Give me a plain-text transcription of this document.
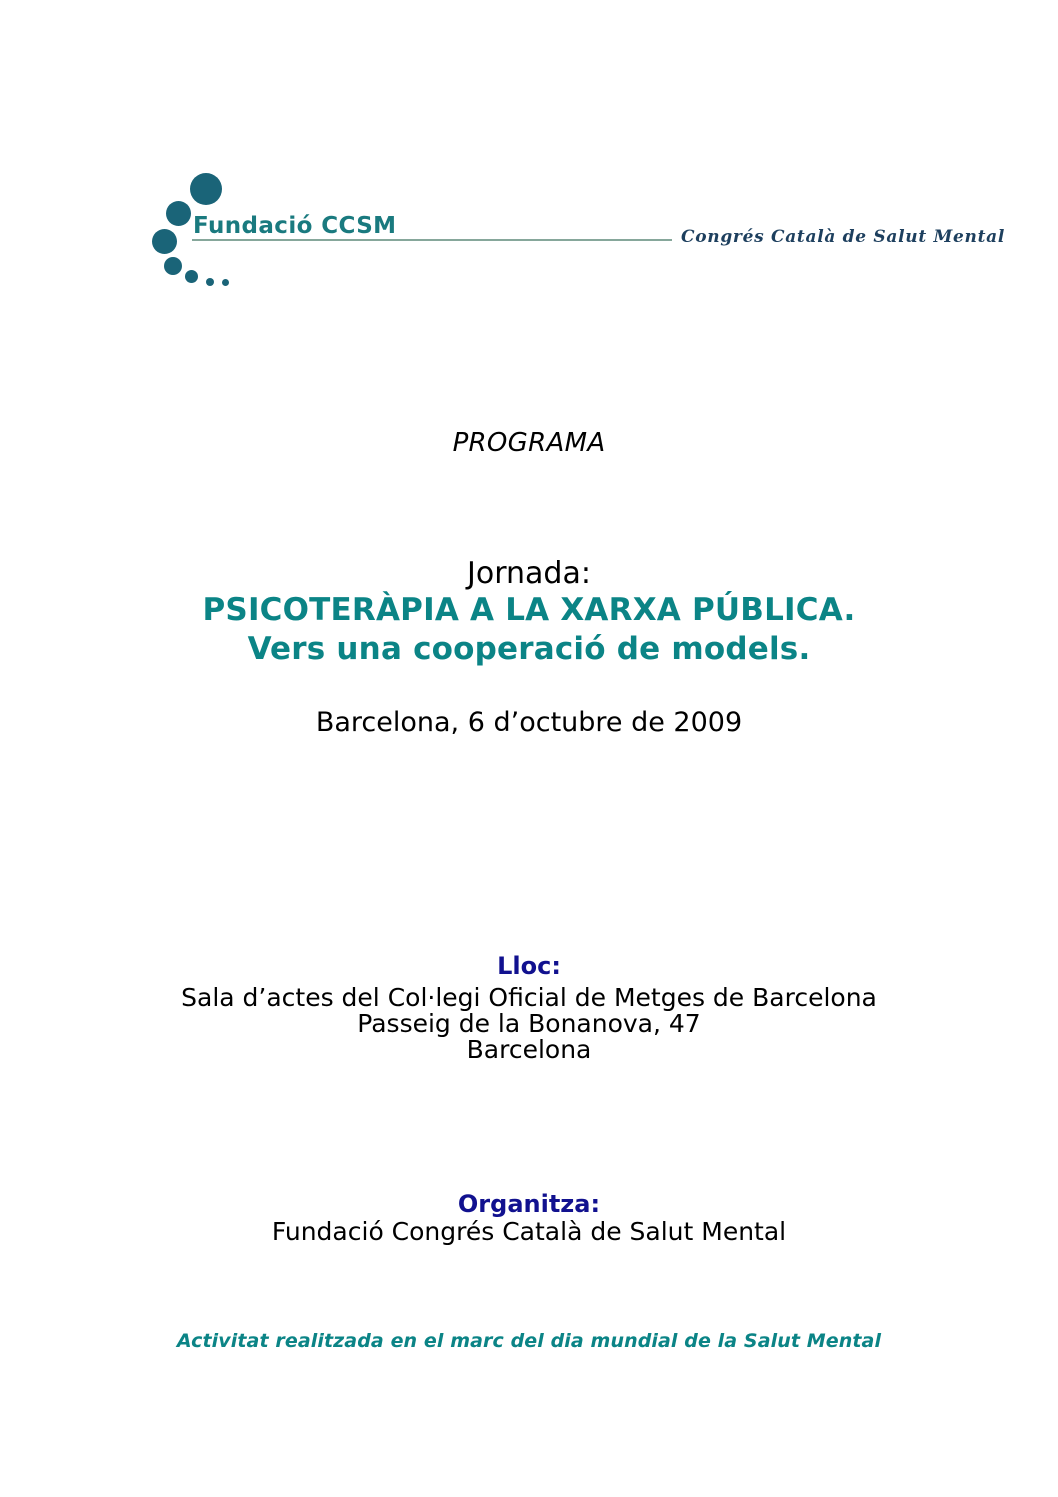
Fundació CCSM	Congrés Català de Salut Mental
PROGRAMA
Jornada:
PSICOTERÀPIA A LA XARXA PÚBLICA.
Vers una cooperació de models.
Barcelona, 6 d’octubre de 2009
Lloc:
Sala d’actes del Col·legi Oficial de Metges de Barcelona
Passeig de la Bonanova, 47
Barcelona
Organitza:
Fundació Congrés Català de Salut Mental
Activitat realitzada en el marc del dia mundial de la Salut Mental
